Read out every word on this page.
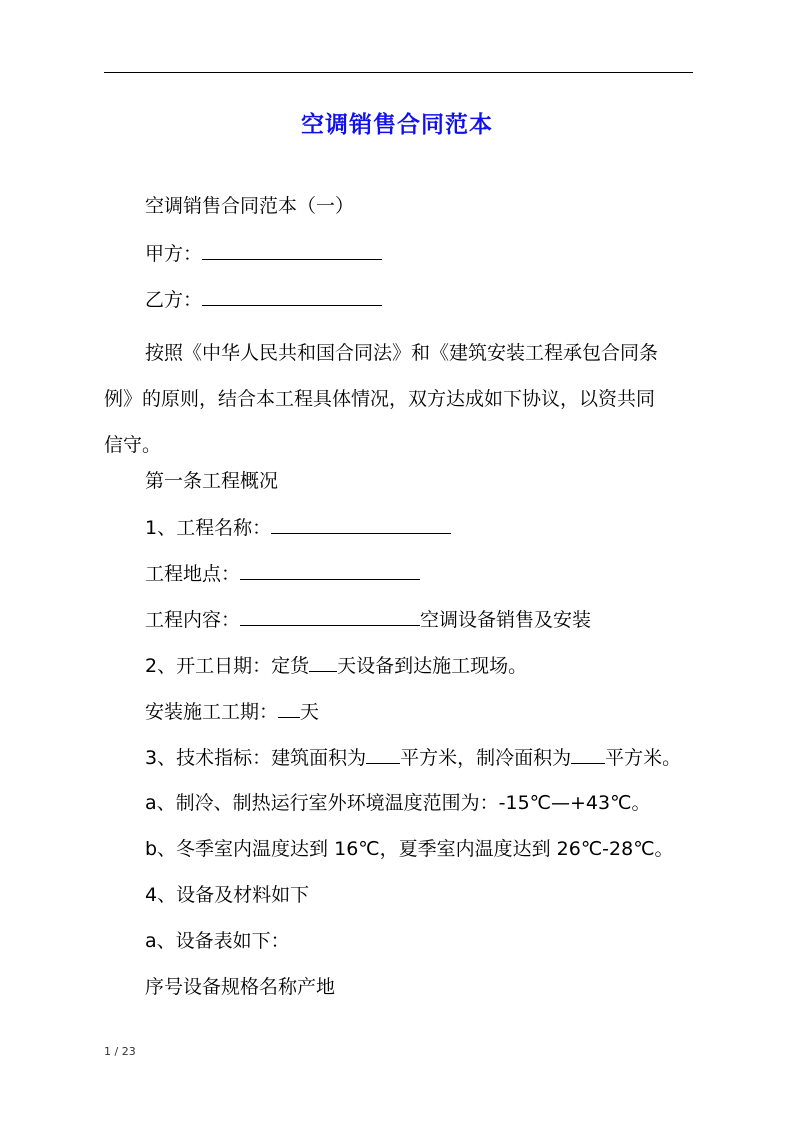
空调销售合同范本
空调销售合同范本（一）
甲方：
乙方：
按照《中华人民共和国合同法》和《建筑安装工程承包合同条
例》的原则，结合本工程具体情况，双方达成如下协议，以资共同
信守。
第一条工程概况
1、工程名称：
工程地点：
工程内容：	空调设备销售及安装
2、开工日期：定货 天设备到达施工现场。
安装施工工期： 天
3、技术指标：建筑面积为 平方米，制冷面积为 平方米。
a、制冷、制热运行室外环境温度范围为：-15℃—+43℃。
b、冬季室内温度达到 16℃，夏季室内温度达到 26℃-28℃。
4、设备及材料如下
a、设备表如下：
序号设备规格名称产地
1 / 23
